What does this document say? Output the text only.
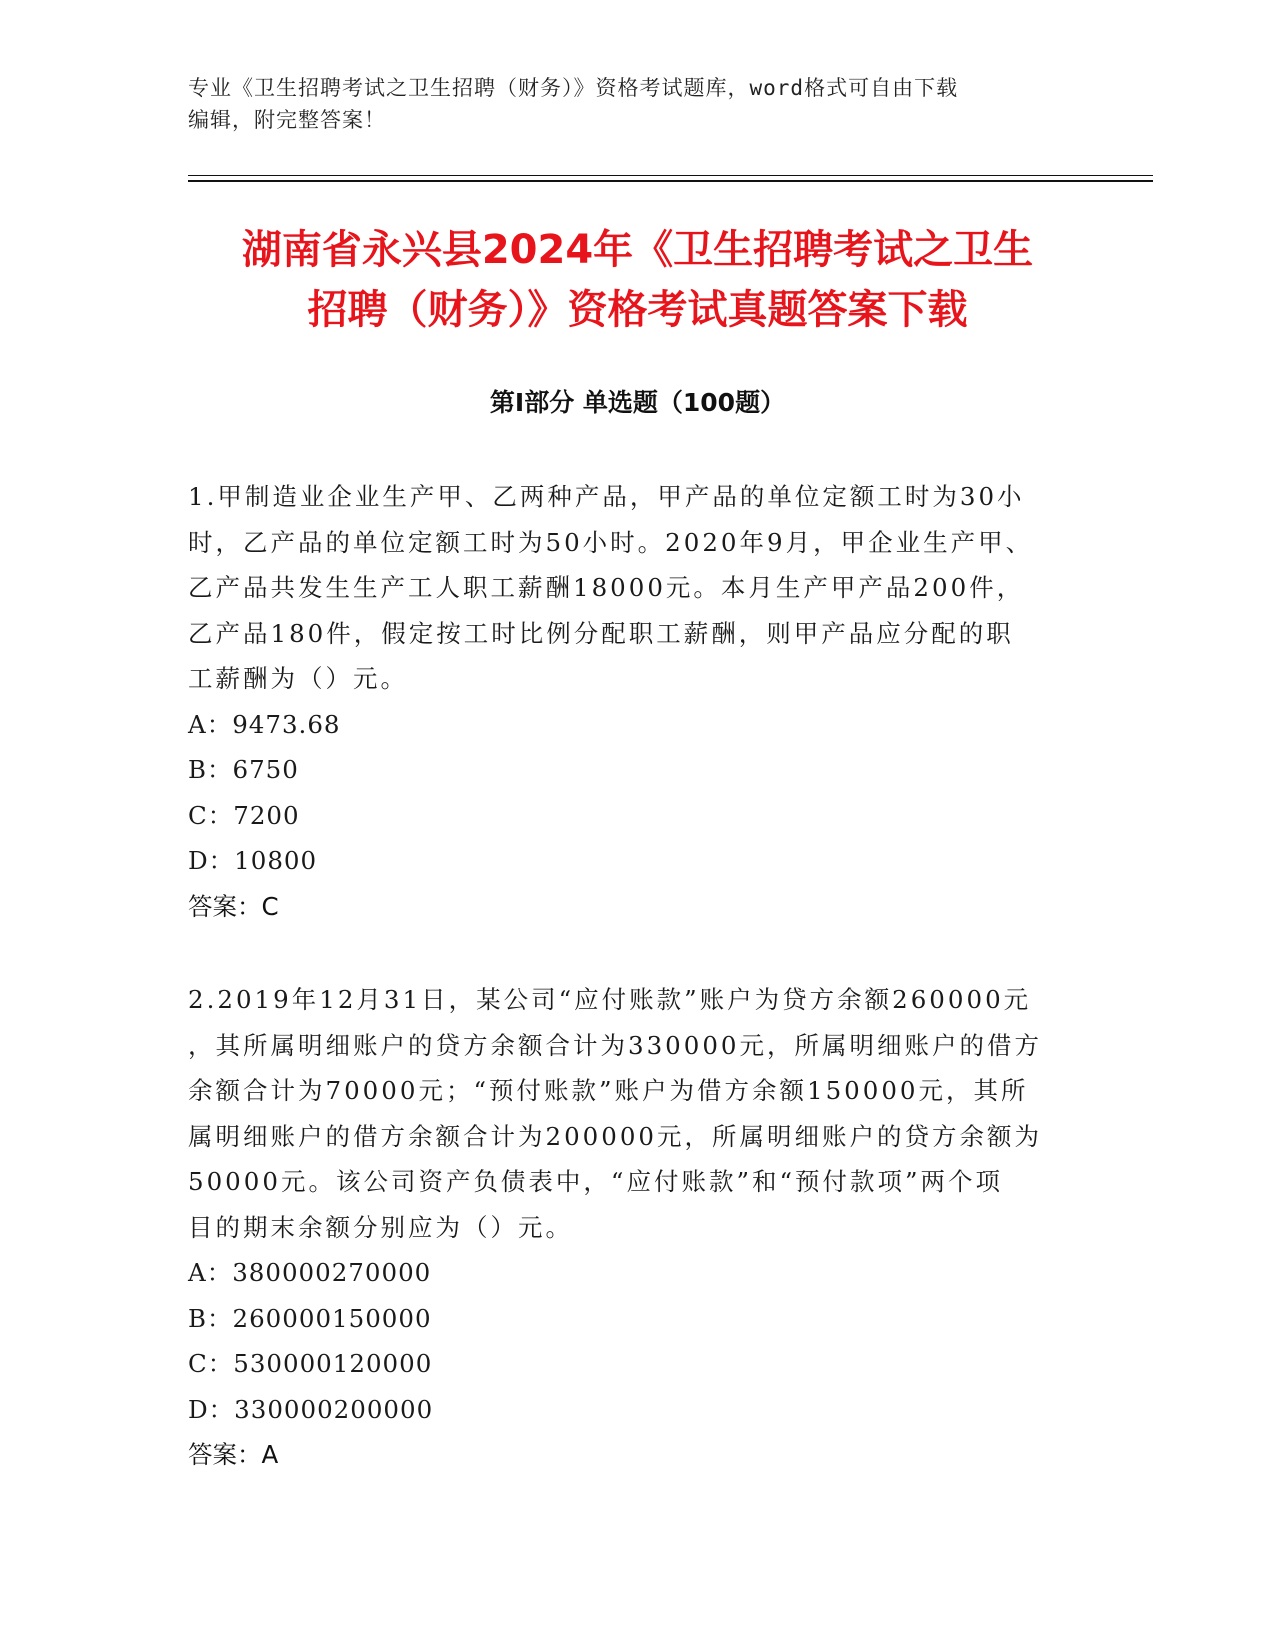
专业《卫生招聘考试之卫生招聘（财务）》资格考试题库，word格式可自由下载
编辑，附完整答案！
湖南省永兴县2024年《卫生招聘考试之卫生
招聘（财务）》资格考试真题答案下载
第Ⅰ部分 单选题（100题）

1.甲制造业企业生产甲、乙两种产品，甲产品的单位定额工时为30小

时，乙产品的单位定额工时为50小时。2020年9月，甲企业生产甲、

乙产品共发生生产工人职工薪酬18000元。本月生产甲产品200件，

乙产品180件，假定按工时比例分配职工薪酬，则甲产品应分配的职

工薪酬为（）元。

A：9473.68

B：6750

C：7200

D：10800

答案：C

2.2019年12月31日，某公司“应付账款”账户为贷方余额260000元

，其所属明细账户的贷方余额合计为330000元，所属明细账户的借方

余额合计为70000元；“预付账款”账户为借方余额150000元，其所

属明细账户的借方余额合计为200000元，所属明细账户的贷方余额为

50000元。该公司资产负债表中，“应付账款”和“预付款项”两个项

目的期末余额分别应为（）元。

A：380000270000

B：260000150000

C：530000120000

D：330000200000

答案：A
